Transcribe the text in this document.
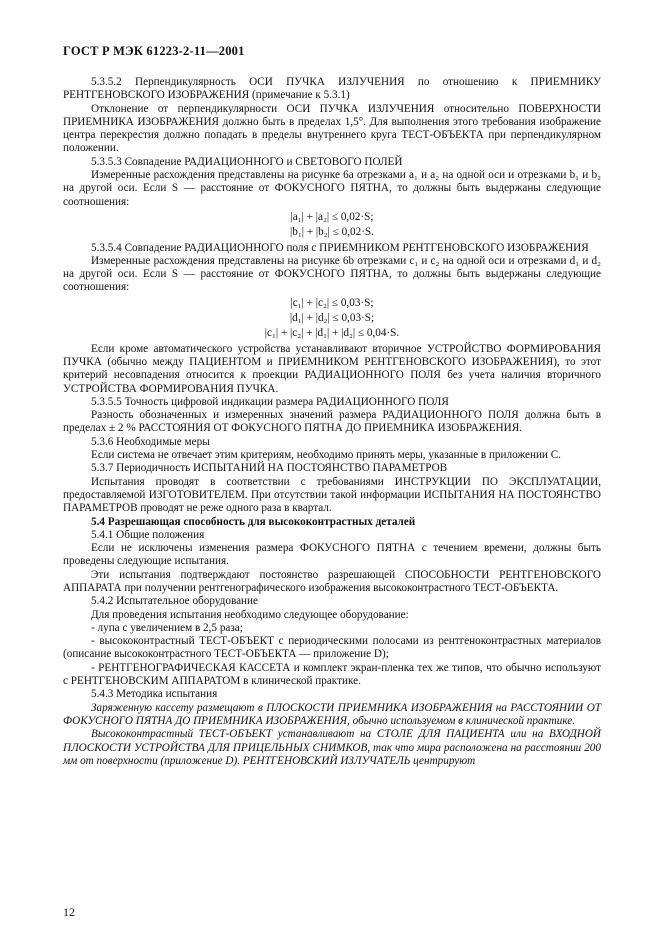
ГОСТ Р МЭК 61223-2-11—2001

5.3.5.2 Перпендикулярность ОСИ ПУЧКА ИЗЛУЧЕНИЯ по отношению к ПРИЕМНИКУ РЕНТГЕНОВСКОГО ИЗОБРАЖЕНИЯ (примечание к 5.3.1)

Отклонение от перпендикулярности ОСИ ПУЧКА ИЗЛУЧЕНИЯ относительно ПОВЕРХНОСТИ ПРИЕМНИКА ИЗОБРАЖЕНИЯ должно быть в пределах 1,5°. Для выполнения этого требования изображение центра перекрестия должно попадать в пределы внутреннего круга ТЕСТ-ОБЪЕКТА при перпендикулярном положении.

5.3.5.3 Совпадение РАДИАЦИОННОГО и СВЕТОВОГО ПОЛЕЙ

Измеренные расхождения представлены на рисунке 6а отрезками a₁ и a₂ на одной оси и отрезками b₁ и b₂ на другой оси. Если S — расстояние от ФОКУСНОГО ПЯТНА, то должны быть выдержаны следующие соотношения:

|a₁| + |a₂| ≤ 0,02·S;
|b₁| + |b₂| ≤ 0,02·S.

5.3.5.4 Совпадение РАДИАЦИОННОГО поля с ПРИЕМНИКОМ РЕНТГЕНОВСКОГО ИЗОБРАЖЕНИЯ

Измеренные расхождения представлены на рисунке 6b отрезками c₁ и c₂ на одной оси и отрезками d₁ и d₂ на другой оси. Если S — расстояние от ФОКУСНОГО ПЯТНА, то должны быть выдержаны следующие соотношения:

|c₁| + |c₂| ≤ 0,03·S;
|d₁| + |d₂| ≤ 0,03·S;
|c₁| + |c₂| + |d₁| + |d₂| ≤ 0,04·S.

Если кроме автоматического устройства устанавливают вторичное УСТРОЙСТВО ФОРМИРОВАНИЯ ПУЧКА (обычно между ПАЦИЕНТОМ и ПРИЕМНИКОМ РЕНТГЕНОВСКОГО ИЗОБРАЖЕНИЯ), то этот критерий несовпадения относится к проекции РАДИАЦИОННОГО ПОЛЯ без учета наличия вторичного УСТРОЙСТВА ФОРМИРОВАНИЯ ПУЧКА.

5.3.5.5 Точность цифровой индикации размера РАДИАЦИОННОГО ПОЛЯ

Разность обозначенных и измеренных значений размера РАДИАЦИОННОГО ПОЛЯ должна быть в пределах ± 2 % РАССТОЯНИЯ ОТ ФОКУСНОГО ПЯТНА ДО ПРИЕМНИКА ИЗОБРАЖЕНИЯ.

5.3.6 Необходимые меры

Если система не отвечает этим критериям, необходимо принять меры, указанные в приложении С.

5.3.7 Периодичность ИСПЫТАНИЙ НА ПОСТОЯНСТВО ПАРАМЕТРОВ

Испытания проводят в соответствии с требованиями ИНСТРУКЦИИ ПО ЭКСПЛУАТАЦИИ, предоставляемой ИЗГОТОВИТЕЛЕМ. При отсутствии такой информации ИСПЫТАНИЯ НА ПОСТОЯНСТВО ПАРАМЕТРОВ проводят не реже одного раза в квартал.

5.4 Разрешающая способность для высококонтрастных деталей

5.4.1 Общие положения

Если не исключены изменения размера ФОКУСНОГО ПЯТНА с течением времени, должны быть проведены следующие испытания.

Эти испытания подтверждают постоянство разрешающей СПОСОБНОСТИ РЕНТГЕНОВСКОГО АППАРАТА при получении рентгенографического изображения высококонтрастного ТЕСТ-ОБЪЕКТА.

5.4.2 Испытательное оборудование

Для проведения испытания необходимо следующее оборудование:

- лупа с увеличением в 2,5 раза;

- высококонтрастный ТЕСТ-ОБЪЕКТ с периодическими полосами из рентгеноконтрастных материалов (описание высококонтрастного ТЕСТ-ОБЪЕКТА — приложение D);

- РЕНТГЕНОГРАФИЧЕСКАЯ КАССЕТА и комплект экран-пленка тех же типов, что обычно используют с РЕНТГЕНОВСКИМ АППАРАТОМ в клинической практике.

5.4.3 Методика испытания

Заряженную кассету размещают в ПЛОСКОСТИ ПРИЕМНИКА ИЗОБРАЖЕНИЯ на РАССТОЯНИИ ОТ ФОКУСНОГО ПЯТНА ДО ПРИЕМНИКА ИЗОБРАЖЕНИЯ, обычно используемом в клинической практике.

Высококонтрастный ТЕСТ-ОБЪЕКТ устанавливают на СТОЛЕ ДЛЯ ПАЦИЕНТА или на ВХОДНОЙ ПЛОСКОСТИ УСТРОЙСТВА ДЛЯ ПРИЦЕЛЬНЫХ СНИМКОВ, так что мира расположена на расстоянии 200 мм от поверхности (приложение D). РЕНТГЕНОВСКИЙ ИЗЛУЧАТЕЛЬ центрируют

12
